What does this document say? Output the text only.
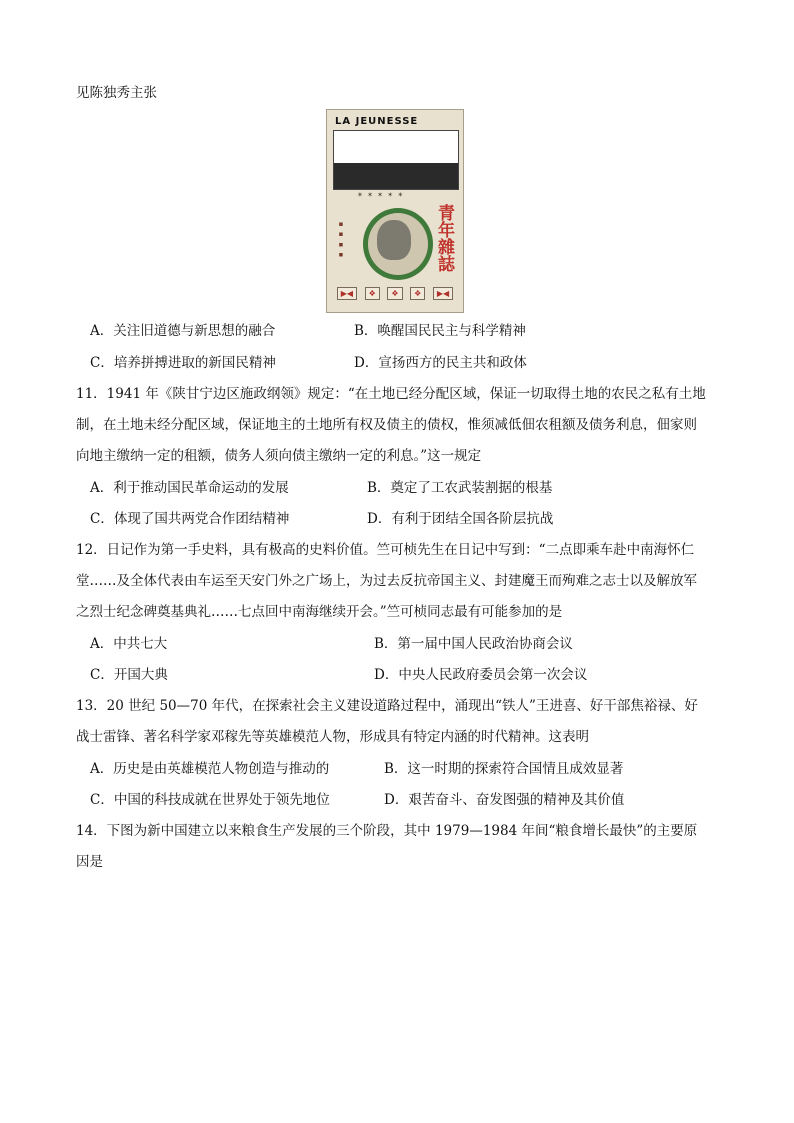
见陈独秀主张
LA JEUNESSE
✶ ✶ ✶ ✶ ✶
▪ ▪ ▪ ▪	青年雜誌
▶◀	❖	❖	❖	▶◀
A．关注旧道德与新思想的融合	B．唤醒国民民主与科学精神
C．培养拼搏进取的新国民精神	D．宣扬西方的民主共和政体
11．1941 年《陕甘宁边区施政纲领》规定：“在土地已经分配区域，保证一切取得土地的农民之私有土地
制，在土地未经分配区域，保证地主的土地所有权及债主的债权，惟须减低佃农租额及债务利息，佃家则
向地主缴纳一定的租额，债务人须向债主缴纳一定的利息。”这一规定
A．利于推动国民革命运动的发展	B．奠定了工农武装割据的根基
C．体现了国共两党合作团结精神	D．有利于团结全国各阶层抗战
12．日记作为第一手史料，具有极高的史料价值。竺可桢先生在日记中写到：“二点即乘车赴中南海怀仁
堂……及全体代表由车运至天安门外之广场上，为过去反抗帝国主义、封建魔王而殉难之志士以及解放军
之烈士纪念碑奠基典礼……七点回中南海继续开会。”竺可桢同志最有可能参加的是
A．中共七大	B．第一届中国人民政治协商会议
C．开国大典	D．中央人民政府委员会第一次会议
13．20 世纪 50—70 年代，在探索社会主义建设道路过程中，涌现出“铁人”王进喜、好干部焦裕禄、好
战士雷锋、著名科学家邓稼先等英雄模范人物，形成具有特定内涵的时代精神。这表明
A．历史是由英雄模范人物创造与推动的	B．这一时期的探索符合国情且成效显著
C．中国的科技成就在世界处于领先地位	D．艰苦奋斗、奋发图强的精神及其价值
14．下图为新中国建立以来粮食生产发展的三个阶段，其中 1979—1984 年间“粮食增长最快”的主要原
因是
